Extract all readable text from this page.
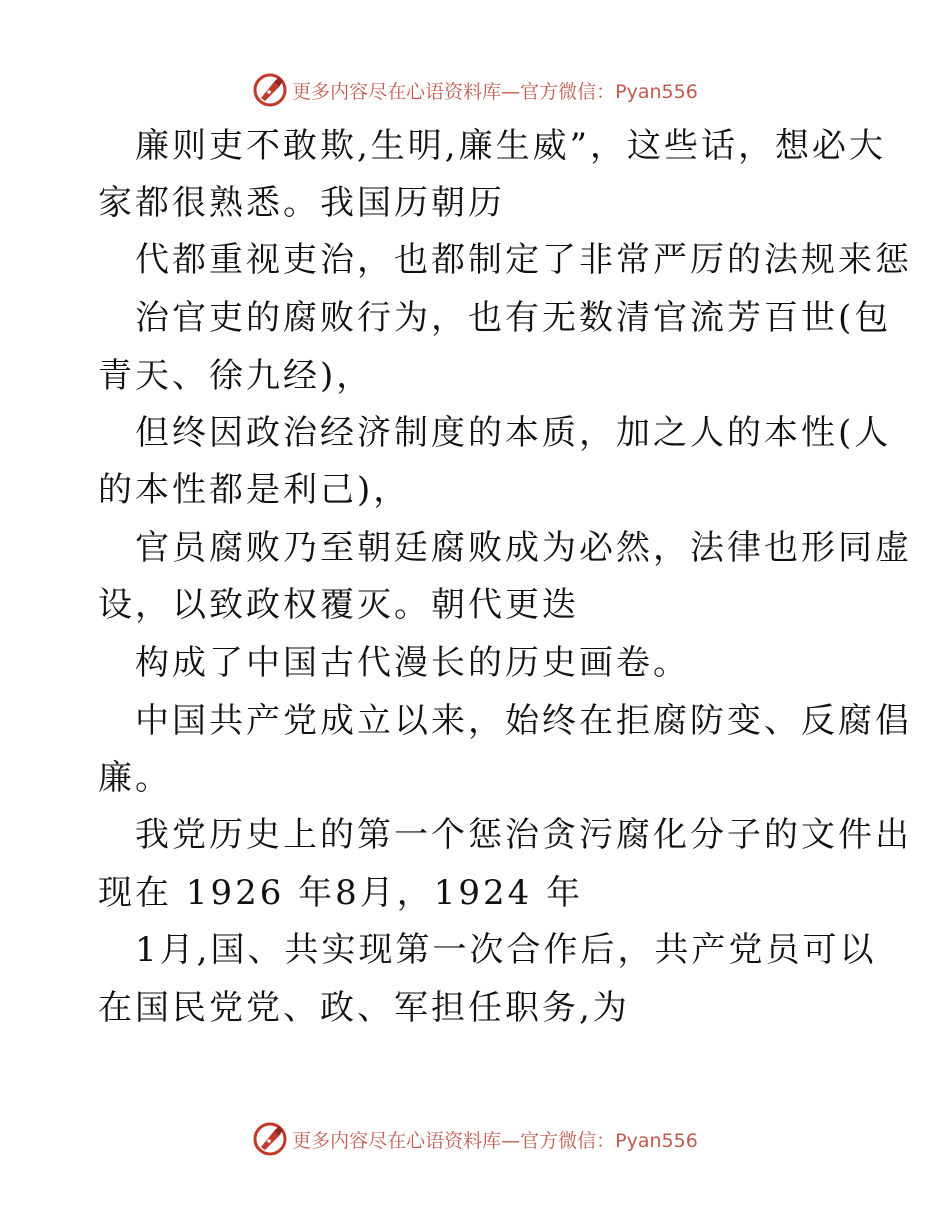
更多内容尽在心语资料库—官方微信：Pyan556
廉则吏不敢欺,生明,廉生威”，这些话，想必大
家都很熟悉。我国历朝历
代都重视吏治，也都制定了非常严厉的法规来惩
治官吏的腐败行为，也有无数清官流芳百世(包
青天、徐九经)，
但终因政治经济制度的本质，加之人的本性(人
的本性都是利己)，
官员腐败乃至朝廷腐败成为必然，法律也形同虚
设，以致政权覆灭。朝代更迭
构成了中国古代漫长的历史画卷。
中国共产党成立以来，始终在拒腐防变、反腐倡
廉。
我党历史上的第一个惩治贪污腐化分子的文件出
现在 1926 年8月，1924 年
1月,国、共实现第一次合作后，共产党员可以
在国民党党、政、军担任职务,为
更多内容尽在心语资料库—官方微信：Pyan556
